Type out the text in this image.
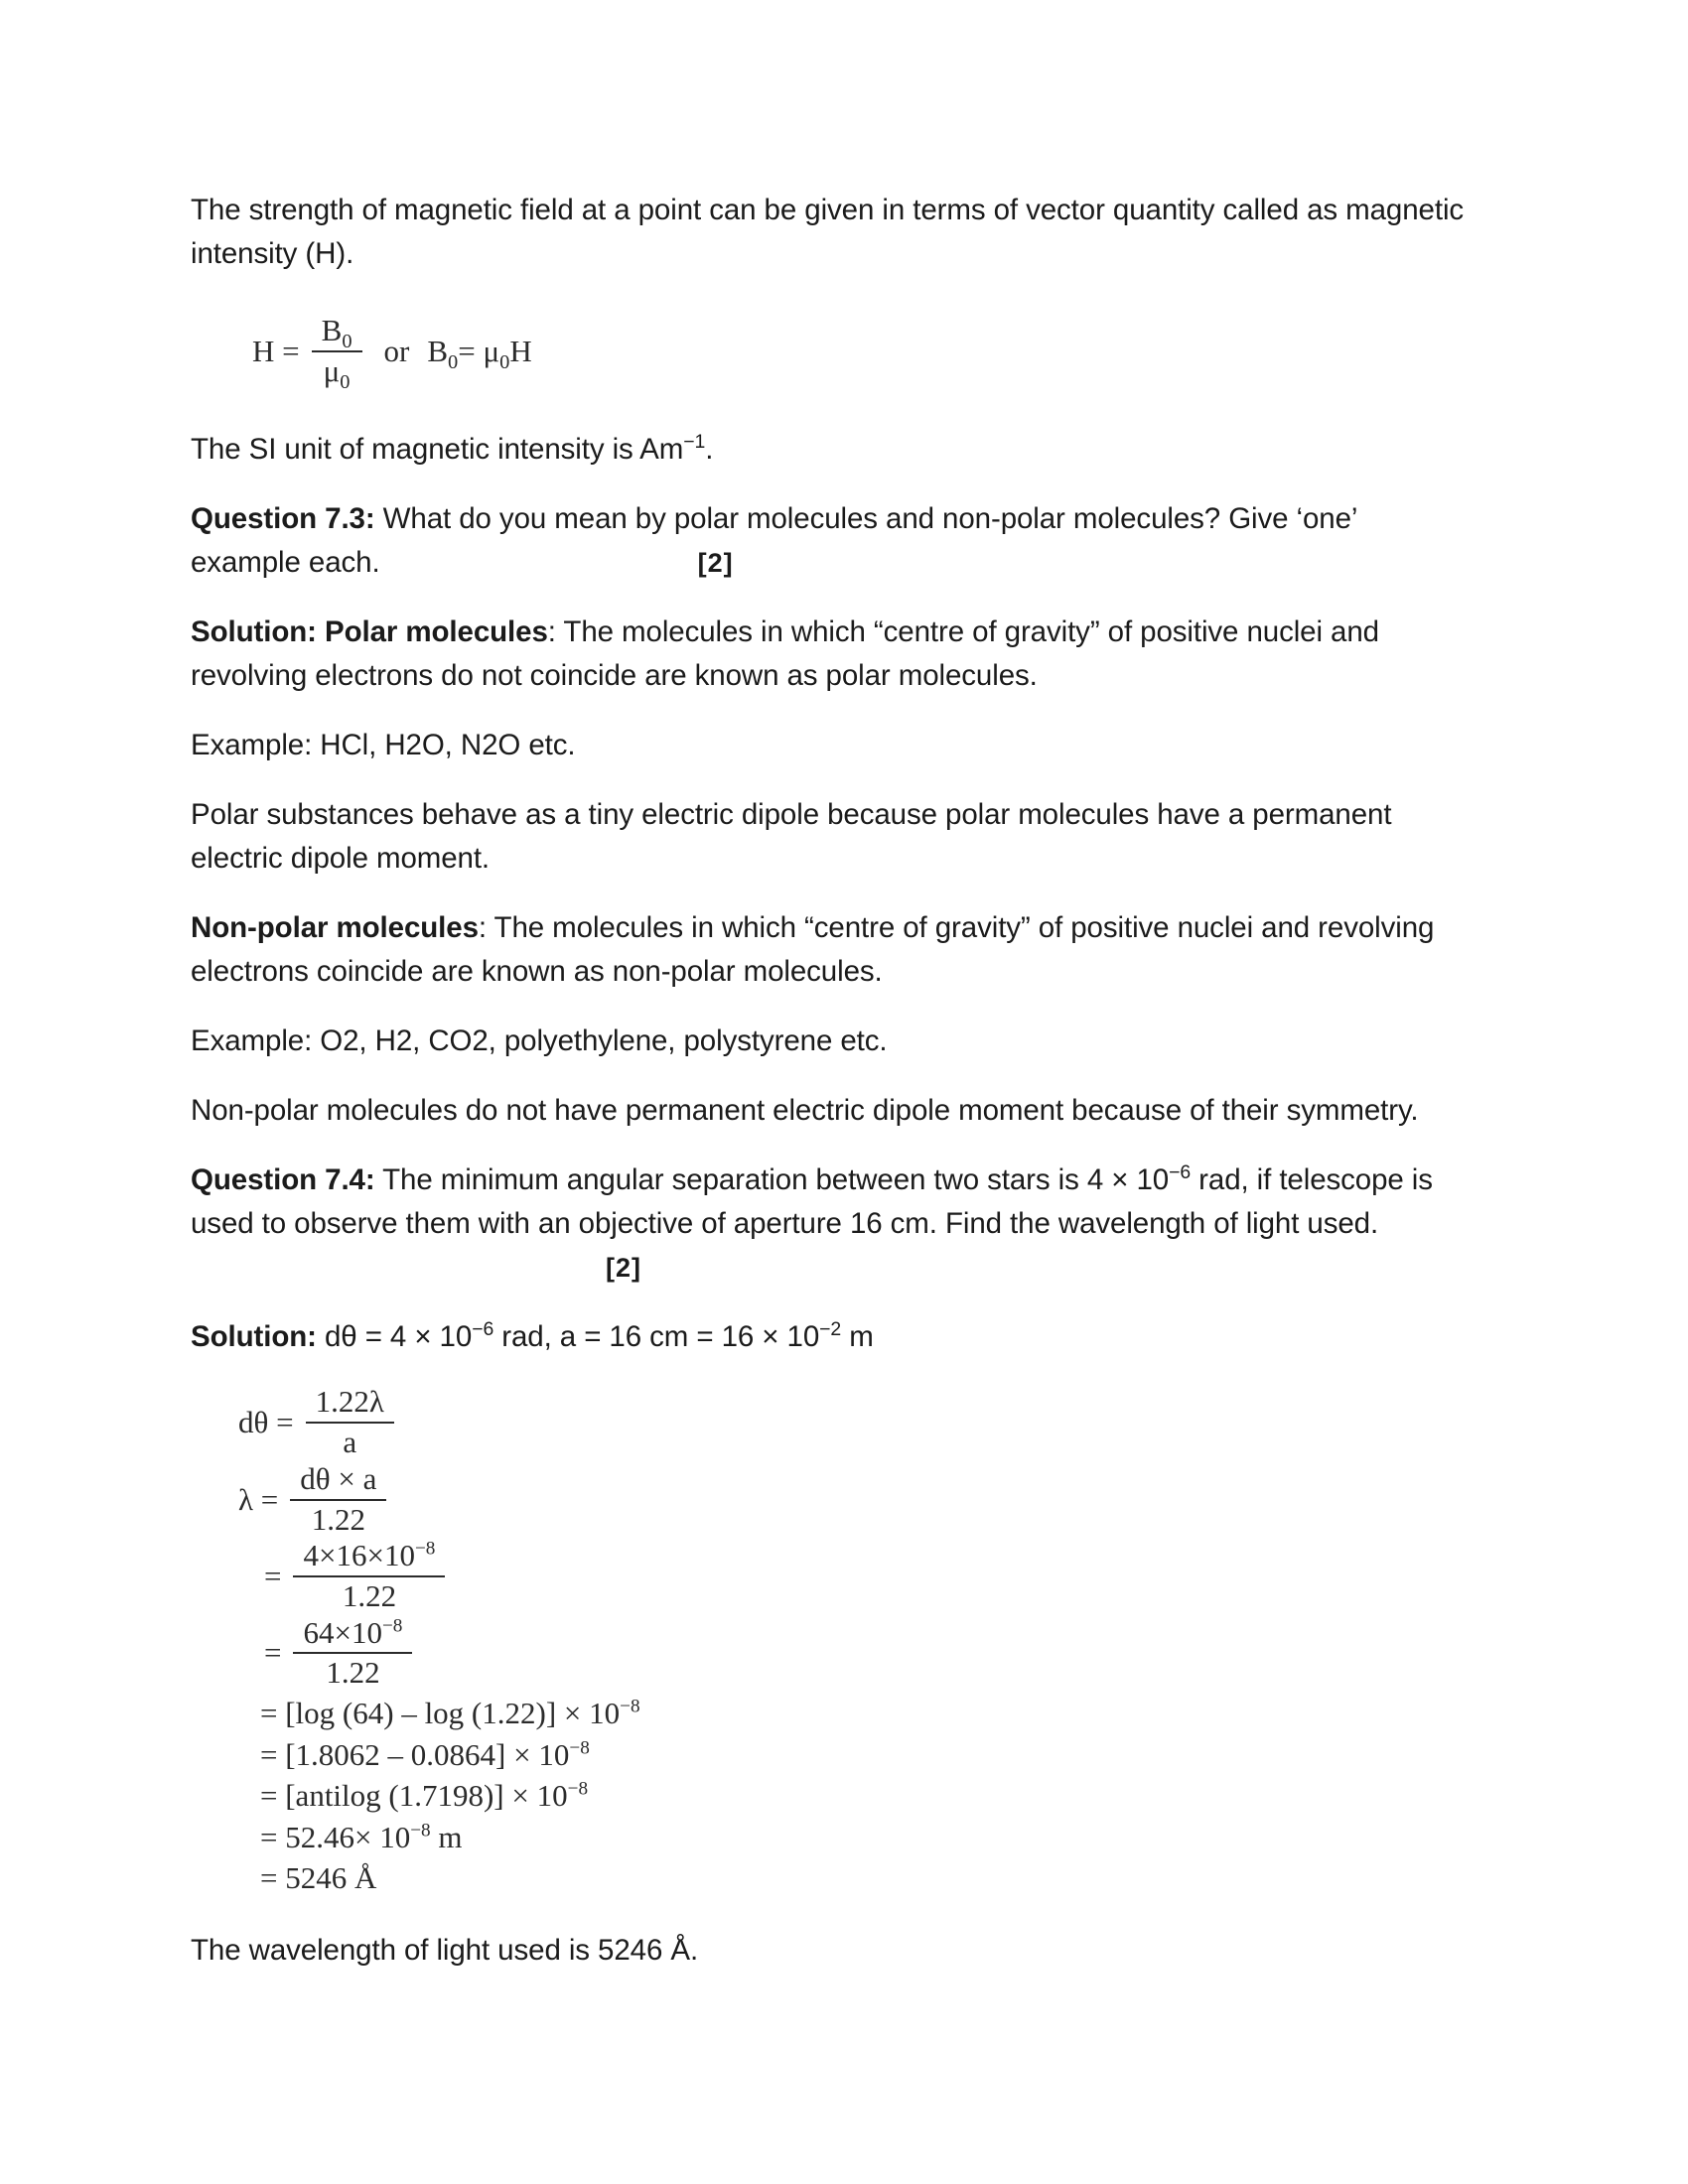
The strength of magnetic field at a point can be given in terms of vector quantity called as magnetic intensity (H).

$H = \frac{B_0}{\mu_0}$ or $B_0= \mu_0H$

The SI unit of magnetic intensity is $Am^{-1}$.

Question 7.3: What do you mean by polar molecules and non-polar molecules? Give ‘one’ example each.	[2]

Solution: Polar molecules: The molecules in which “centre of gravity” of positive nuclei and revolving electrons do not coincide are known as polar molecules.

Example: HCl, H2O, N2O etc.

Polar substances behave as a tiny electric dipole because polar molecules have a permanent electric dipole moment.

Non-polar molecules: The molecules in which “centre of gravity” of positive nuclei and revolving electrons coincide are known as non-polar molecules.

Example: O2, H2, CO2, polyethylene, polystyrene etc.

Non-polar molecules do not have permanent electric dipole moment because of their symmetry.

Question 7.4: The minimum angular separation between two stars is $4 \times 10^{-6}$ rad, if telescope is used to observe them with an objective of aperture 16 cm. Find the wavelength of light used.[2]

Solution: $d\theta = 4 \times 10^{-6}$ rad, a = 16 cm = $16 \times 10^{-2}$ m

$d\theta = \frac{1.22\lambda}{a}$
$\lambda = \frac{d\theta \times a}{1.22}$
= $\frac{4\times 16\times 10^{-8}}{1.22}$
= $\frac{64\times 10^{-8}}{1.22}$
= [log $(64) - \log (1.22)] \times 10^{-8}$
= $[1.8062 - 0.0864] \times 10^{-8}$
= [antilog $(1.7198)] \times 10^{-8}$
= $52.46\times 10^{-8}$ m
= 5246 Å

The wavelength of light used is 5246 Å.
